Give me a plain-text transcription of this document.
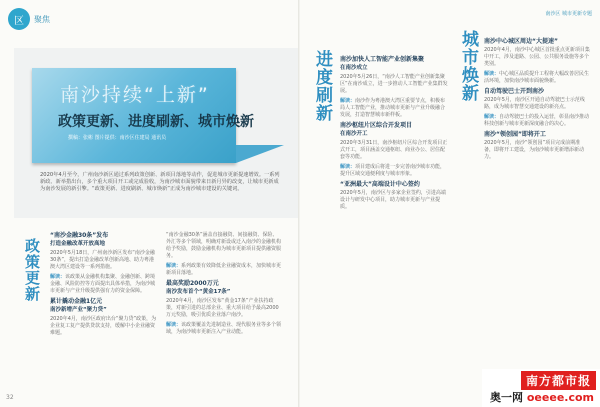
区	聚焦
南沙持续“上新”
政策更新、进度刷新、城市焕新
撰稿：张彬 图片提供：南沙区住建局 通讯员
2020年4月至今，广州南沙新区通过系列政策创新、新项目落地等动作，促进城市更新提速增效。一系列新政、新举措出台，多个重大项目开工或完成验收，为南沙城市面貌带来日新月异的改变，让城市更新成为南沙发展的新引擎。“政策更新、进度刷新、城市焕新”正成为南沙城市建设的关键词。
政策更新
“南沙金融30条”发布
打造金融改革开放高地

2020年5月18日，广州南沙新区发布“南沙金融30条”，提出打造金融改革创新高地、助力粤港澳大湾区建设等一系列措施。

解读：该政策从金融机构集聚、金融创新、跨境金融、风险防控等方面提出具体举措，为南沙城市更新与产业升级提供强有力的资金保障。

累计撬动金融1亿元
南沙新增产业“聚力贷”

2020年4月，南沙区政府出台“聚力贷”政策，为企业复工复产提供贷款支持，缓解中小企业融资难题。

“南沙金融30条”涵盖直接融资、间接融资、保险、外汇等多个领域，明确对新设或迁入南沙的金融机构给予奖励，鼓励金融机构为城市更新项目提供融资服务。

解读：系列政策有效降低企业融资成本，加快城市更新项目落地。

最高奖励2000万元
南沙发布首个“黄金17条”

2020年4月，南沙区发布“黄金17条”产业扶持政策，对新引进的总部企业、重大项目给予最高2000万元奖励，吸引优质企业落户南沙。

解读：该政策覆盖先进制造业、现代服务业等多个领域，为南沙城市更新注入产业动能。

32
南沙区 城市更新专题
进度刷新	城市焕新
南沙加快人工智能产业创新集聚
在南沙成立

2020年5月26日，“南沙人工智能产业创新集聚区”在南沙成立，进一步推动人工智能产业集群发展。

解读：南沙作为粤港澳大湾区重要节点，积极布局人工智能产业，推动城市更新与产业升级融合发展，打造智慧城市新样板。

南沙枢纽片区综合开发项目
在南沙开工

2020年3月31日，南沙枢纽片区综合开发项目正式开工，项目涵盖交通枢纽、商业办公、居住配套等功能。

解读：项目建成后将进一步完善南沙城市功能，提升区域交通便利度与城市形象。

“亚洲最大”高端设计中心签约

2020年5月，南沙区与多家企业签约，引进高端设计与研发中心项目，助力城市更新与产业提质。

南沙中心城区周边“大提速”

2020年4月，南沙中心城区首批重点更新项目集中开工，涉及道路、公园、公共服务设施等多个类别。

解读：中心城区品质提升工程将大幅改善居民生活环境，加快南沙城市面貌焕新。

自动驾驶巴士开到南沙

2020年5月，南沙区开通自动驾驶巴士示范线路，成为城市智慧交通建设的新亮点。

解读：自动驾驶巴士的投入运营，彰显南沙推动科技创新与城市更新深度融合的决心。

南沙“领创园”即将开工

2020年5月，南沙“领创园”项目完成前期准备，即将开工建设，为南沙城市更新增添新动力。

南方都市报
奥一网 oeeee.com
